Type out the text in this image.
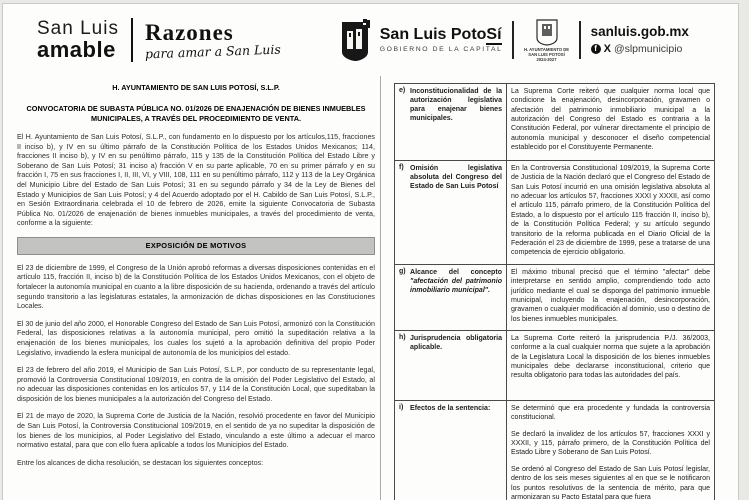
San Luis
amable
Razones
para amar a San Luis
San Luis PotoSí
GOBIERNO DE LA CAPITAL	H. AYUNTAMIENTO DE
SAN LUIS POTOSÍ
2024-2027
sanluis.gob.mx
f X @slpmunicipio
H. AYUNTAMIENTO DE SAN LUIS POTOSÍ, S.L.P.
CONVOCATORIA DE SUBASTA PÚBLICA NO. 01/2026 DE ENAJENACIÓN DE BIENES INMUEBLES MUNICIPALES, A TRAVÉS DEL PROCEDIMIENTO DE VENTA.
El H. Ayuntamiento de San Luis Potosí, S.L.P., con fundamento en lo dispuesto por los artículos,115, fracciones II inciso b), y IV en su último párrafo de la Constitución Política de los Estados Unidos Mexicanos; 114, fracciones II inciso b), y IV en su penúltimo párrafo, 115 y 135 de la Constitución Política del Estado Libre y Soberano de San Luis Potosí; 31 inciso a) fracción V en su parte aplicable, 70 en su primer párrafo y en su fracción I, 75 en sus fracciones I, II, III, VI, y VIII, 108, 111 en su penúltimo párrafo, 112 y 113 de la Ley Orgánica del Municipio Libre del Estado de San Luis Potosí; 31 en su segundo párrafo y 34 de la Ley de Bienes del Estado y Municipios de San Luis Potosí; y 4 del Acuerdo adoptado por el H. Cabildo de San Luis Potosí, S.L.P., en Sesión Extraordinaria celebrada el 10 de febrero de 2026, emite la siguiente Convocatoria de Subasta Pública No. 01/2026 de enajenación de bienes inmuebles municipales, a través del procedimiento de venta, conforme a la siguiente:
EXPOSICIÓN DE MOTIVOS
El 23 de diciembre de 1999, el Congreso de la Unión aprobó reformas a diversas disposiciones contenidas en el artículo 115, fracción II, inciso b) de la Constitución Política de los Estados Unidos Mexicanos, con el objeto de fortalecer la autonomía municipal en cuanto a la libre disposición de su hacienda, ordenando a través del artículo segundo transitorio a las legislaturas estatales, la armonización de dichas disposiciones en las Constituciones Locales.
El 30 de junio del año 2000, el Honorable Congreso del Estado de San Luis Potosí, armonizó con la Constitución Federal, las disposiciones relativas a la autonomía municipal, pero omitió la supeditación relativa a la enajenación de los bienes municipales, los cuales los sujetó a la aprobación definitiva del propio Poder Legislativo, invadiendo la esfera municipal de autonomía de los municipios del estado.
El 23 de febrero del año 2019, el Municipio de San Luis Potosí, S.L.P., por conducto de su representante legal, promovió la Controversia Constitucional 109/2019, en contra de la omisión del Poder Legislativo del Estado, al no adecuar las disposiciones contenidas en los artículos 57, y 114 de la Constitución Local, que supeditaban la disposición de los bienes municipales a la autorización del Congreso del Estado.
El 21 de mayo de 2020, la Suprema Corte de Justicia de la Nación, resolvió procedente en favor del Municipio de San Luis Potosí, la Controversia Constitucional 109/2019, en el sentido de ya no supeditar la disposición de los bienes de los municipios, al Poder Legislativo del Estado, vinculando a este último a adecuar el marco normativo estatal, para que con ello fuera aplicable a todos los Municipios del Estado.
Entre los alcances de dicha resolución, se destacan los siguientes conceptos:
e) Inconstitucionalidad de la autorización legislativa para enajenar bienes municipales.	La Suprema Corte reiteró que cualquier norma local que condicione la enajenación, desincorporación, gravamen o afectación del patrimonio inmobiliario municipal a la autorización del Congreso del Estado es contraria a la Constitución Federal, por vulnerar directamente el principio de autonomía municipal y desconocer el diseño competencial establecido por el Constituyente Permanente.

f) Omisión legislativa absoluta del Congreso del Estado de San Luis Potosí	En la Controversia Constitucional 109/2019, la Suprema Corte de Justicia de la Nación declaró que el Congreso del Estado de San Luis Potosí incurrió en una omisión legislativa absoluta al no adecuar los artículos 57, fracciones XXXI y XXXII, así como el artículo 115, párrafo primero, de la Constitución Política del Estado, a lo dispuesto por el artículo 115 fracción II, inciso b), de la Constitución Política Federal; y su artículo segundo transitorio de la reforma publicada en el Diario Oficial de la Federación el 23 de diciembre de 1999, pese a tratarse de una competencia de ejercicio obligatorio.

g) Alcance del concepto "afectación del patrimonio inmobiliario municipal".	El máximo tribunal precisó que el término "afectar" debe interpretarse en sentido amplio, comprendiendo todo acto jurídico mediante el cual se disponga del patrimonio inmueble municipal, incluyendo la enajenación, desincorporación, gravamen o cualquier modificación al dominio, uso o destino de los bienes inmuebles municipales.

h) Jurisprudencia obligatoria aplicable.	La Suprema Corte reiteró la jurisprudencia P./J. 36/2003, conforme a la cual cualquier norma que sujete a la aprobación de la Legislatura Local la disposición de los bienes inmuebles municipales debe declararse inconstitucional, criterio que resulta obligatorio para todas las autoridades del país.

i) Efectos de la sentencia:	Se determinó que era procedente y fundada la controversia constitucional.

Se declaró la invalidez de los artículos 57, fracciones XXXI y XXXII, y 115, párrafo primero, de la Constitución Política del Estado Libre y Soberano de San Luis Potosí.

Se ordenó al Congreso del Estado de San Luis Potosí legislar, dentro de los seis meses siguientes al en que se le notificaron los puntos resolutivos de la sentencia de mérito, para que armonizaran su Pacto Estatal para que fuera
